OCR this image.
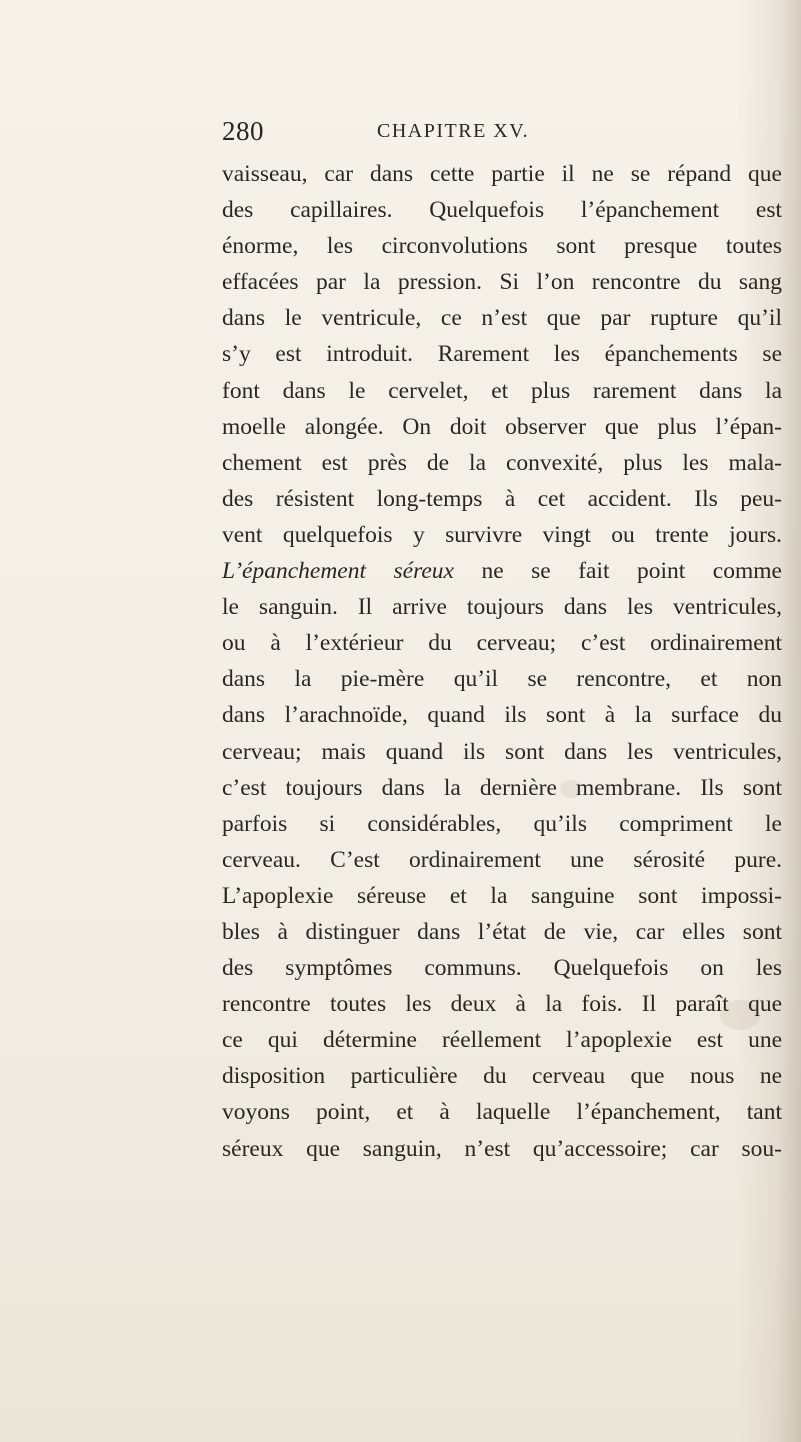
280	CHAPITRE XV.
vaisseau, car dans cette partie il ne se répand que
des capillaires. Quelquefois l’épanchement est
énorme, les circonvolutions sont presque toutes
effacées par la pression. Si l’on rencontre du sang
dans le ventricule, ce n’est que par rupture qu’il
s’y est introduit. Rarement les épanchements se
font dans le cervelet, et plus rarement dans la
moelle alongée. On doit observer que plus l’épan-
chement est près de la convexité, plus les mala-
des résistent long-temps à cet accident. Ils peu-
vent quelquefois y survivre vingt ou trente jours.
L’épanchement séreux ne se fait point comme
le sanguin. Il arrive toujours dans les ventricules,
ou à l’extérieur du cerveau; c’est ordinairement
dans la pie-mère qu’il se rencontre, et non
dans l’arachnoïde, quand ils sont à la surface du
cerveau; mais quand ils sont dans les ventricules,
c’est toujours dans la dernière membrane. Ils sont
parfois si considérables, qu’ils compriment le
cerveau. C’est ordinairement une sérosité pure.
L’apoplexie séreuse et la sanguine sont impossi-
bles à distinguer dans l’état de vie, car elles sont
des symptômes communs. Quelquefois on les
rencontre toutes les deux à la fois. Il paraît que
ce qui détermine réellement l’apoplexie est une
disposition particulière du cerveau que nous ne
voyons point, et à laquelle l’épanchement, tant
séreux que sanguin, n’est qu’accessoire; car sou-
